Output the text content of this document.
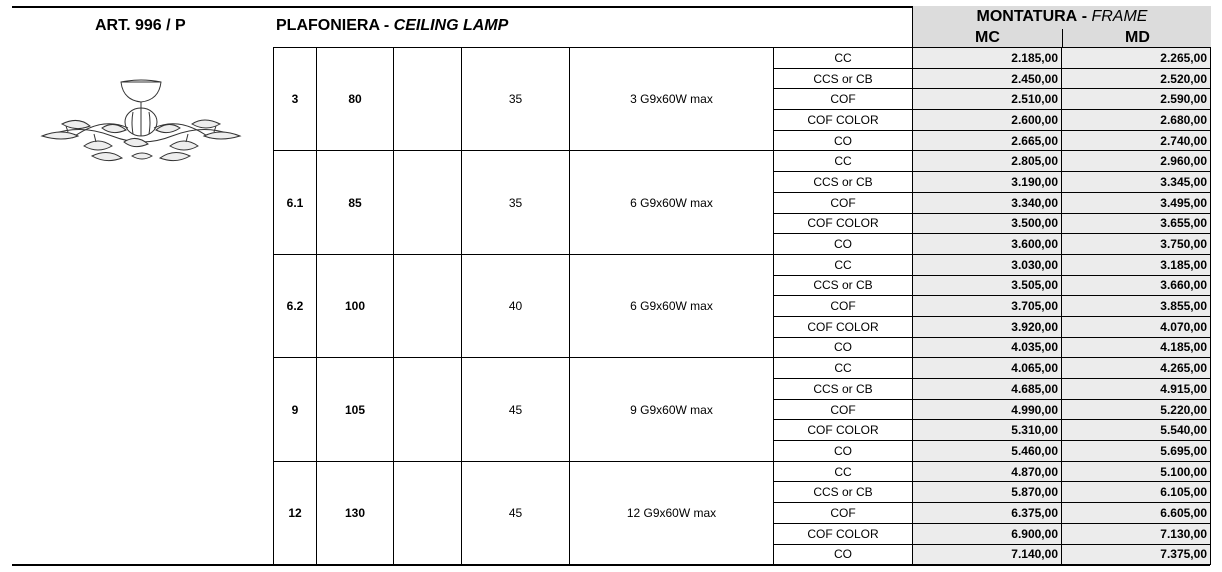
ART. 996 / P	PLAFONIERA - CEILING LAMP
MONTATURA - FRAME
MC	MD
3	80		35	3 G9x60W max	CC	2.185,00	2.265,00
					CCS or CB	2.450,00	2.520,00
					COF	2.510,00	2.590,00
					COF COLOR	2.600,00	2.680,00
					CO	2.665,00	2.740,00
6.1	85		35	6 G9x60W max	CC	2.805,00	2.960,00
					CCS or CB	3.190,00	3.345,00
					COF	3.340,00	3.495,00
					COF COLOR	3.500,00	3.655,00
					CO	3.600,00	3.750,00
6.2	100		40	6 G9x60W max	CC	3.030,00	3.185,00
					CCS or CB	3.505,00	3.660,00
					COF	3.705,00	3.855,00
					COF COLOR	3.920,00	4.070,00
					CO	4.035,00	4.185,00
9	105		45	9 G9x60W max	CC	4.065,00	4.265,00
					CCS or CB	4.685,00	4.915,00
					COF	4.990,00	5.220,00
					COF COLOR	5.310,00	5.540,00
					CO	5.460,00	5.695,00
12	130		45	12 G9x60W max	CC	4.870,00	5.100,00
					CCS or CB	5.870,00	6.105,00
					COF	6.375,00	6.605,00
					COF COLOR	6.900,00	7.130,00
					CO	7.140,00	7.375,00
